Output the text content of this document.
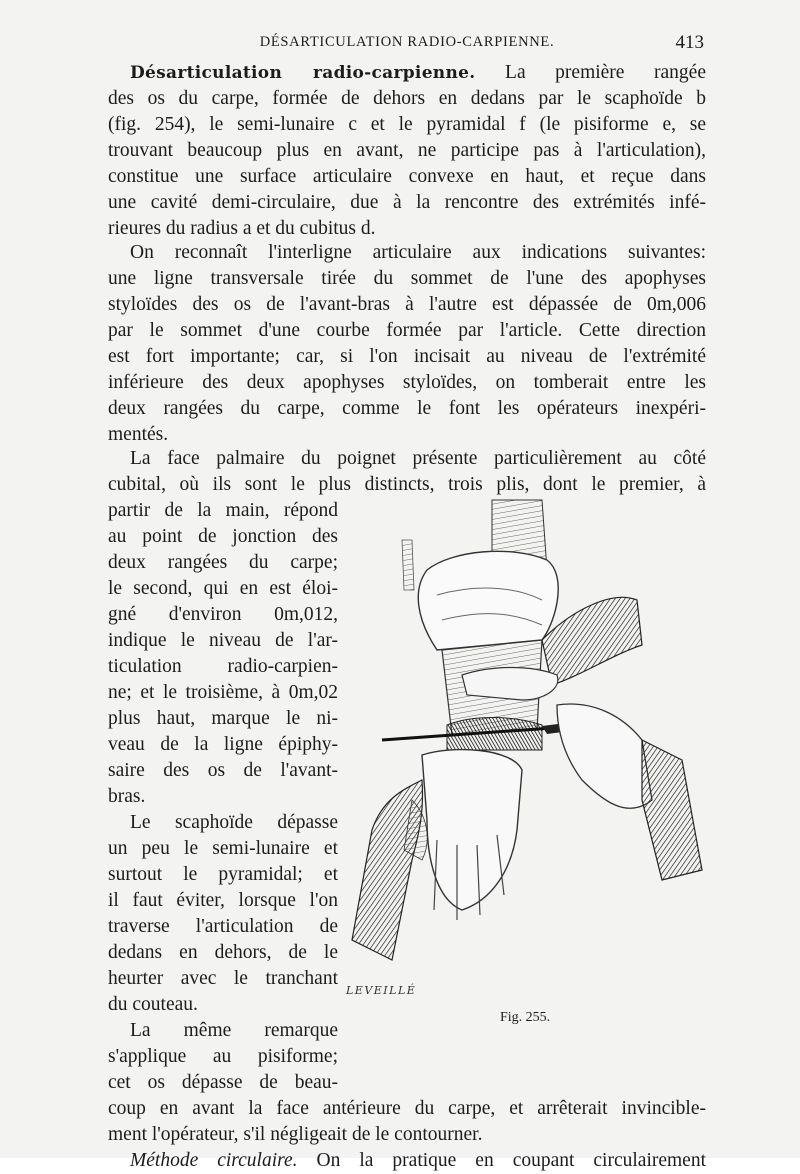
DÉSARTICULATION RADIO-CARPIENNE.	413
Désarticulation radio-carpienne. La première rangée
des os du carpe, formée de dehors en dedans par le scaphoïde b
(fig. 254), le semi-lunaire c et le pyramidal f (le pisiforme e, se
trouvant beaucoup plus en avant, ne participe pas à l'articulation),
constitue une surface articulaire convexe en haut, et reçue dans
une cavité demi-circulaire, due à la rencontre des extrémités infé-
rieures du radius a et du cubitus d.
On reconnaît l'interligne articulaire aux indications suivantes:
une ligne transversale tirée du sommet de l'une des apophyses
styloïdes des os de l'avant-bras à l'autre est dépassée de 0m,006
par le sommet d'une courbe formée par l'article. Cette direction
est fort importante; car, si l'on incisait au niveau de l'extrémité
inférieure des deux apophyses styloïdes, on tomberait entre les
deux rangées du carpe, comme le font les opérateurs inexpéri-
mentés.
La face palmaire du poignet présente particulièrement au côté
cubital, où ils sont le plus distincts, trois plis, dont le premier, à
partir de la main, répond
au point de jonction des
deux rangées du carpe;
le second, qui en est éloi-
gné d'environ 0m,012,
indique le niveau de l'ar-
ticulation radio-carpien-
ne; et le troisième, à 0m,02
plus haut, marque le ni-
veau de la ligne épiphy-
saire des os de l'avant-
bras.
Le scaphoïde dépasse
un peu le semi-lunaire et
surtout le pyramidal; et
il faut éviter, lorsque l'on
traverse l'articulation de
dedans en dehors, de le
heurter avec le tranchant
du couteau.
La même remarque
s'applique au pisiforme;
cet os dépasse de beau-
coup en avant la face antérieure du carpe, et arrêterait invincible-
ment l'opérateur, s'il négligeait de le contourner.
Méthode circulaire. On la pratique en coupant circulairement
LEVEILLÉ
Fig. 255.
